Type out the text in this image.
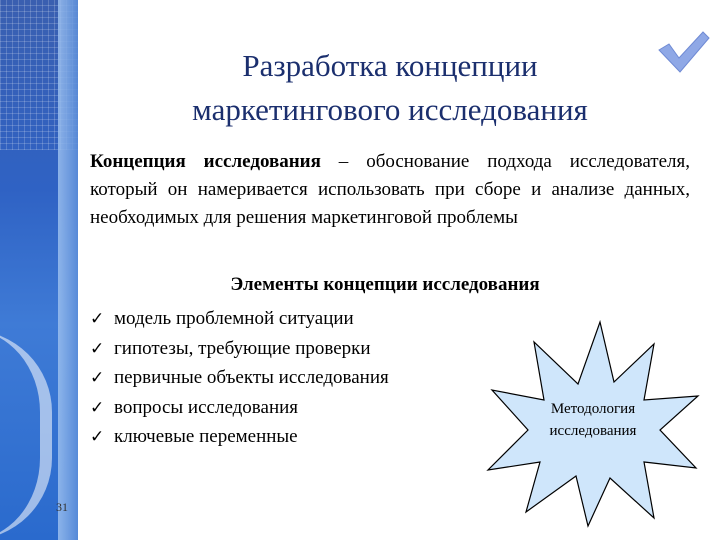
31
Разработка концепции
маркетингового исследования
Концепция исследования – обоснование подхода исследователя, который он намеривается использовать при сборе и анализе данных, необходимых для решения маркетинговой проблемы
Элементы концепции исследования
✓ модель проблемной ситуации
✓ гипотезы, требующие проверки
✓ первичные объекты исследования
✓ вопросы исследования
✓ ключевые переменные
Методология
исследования
